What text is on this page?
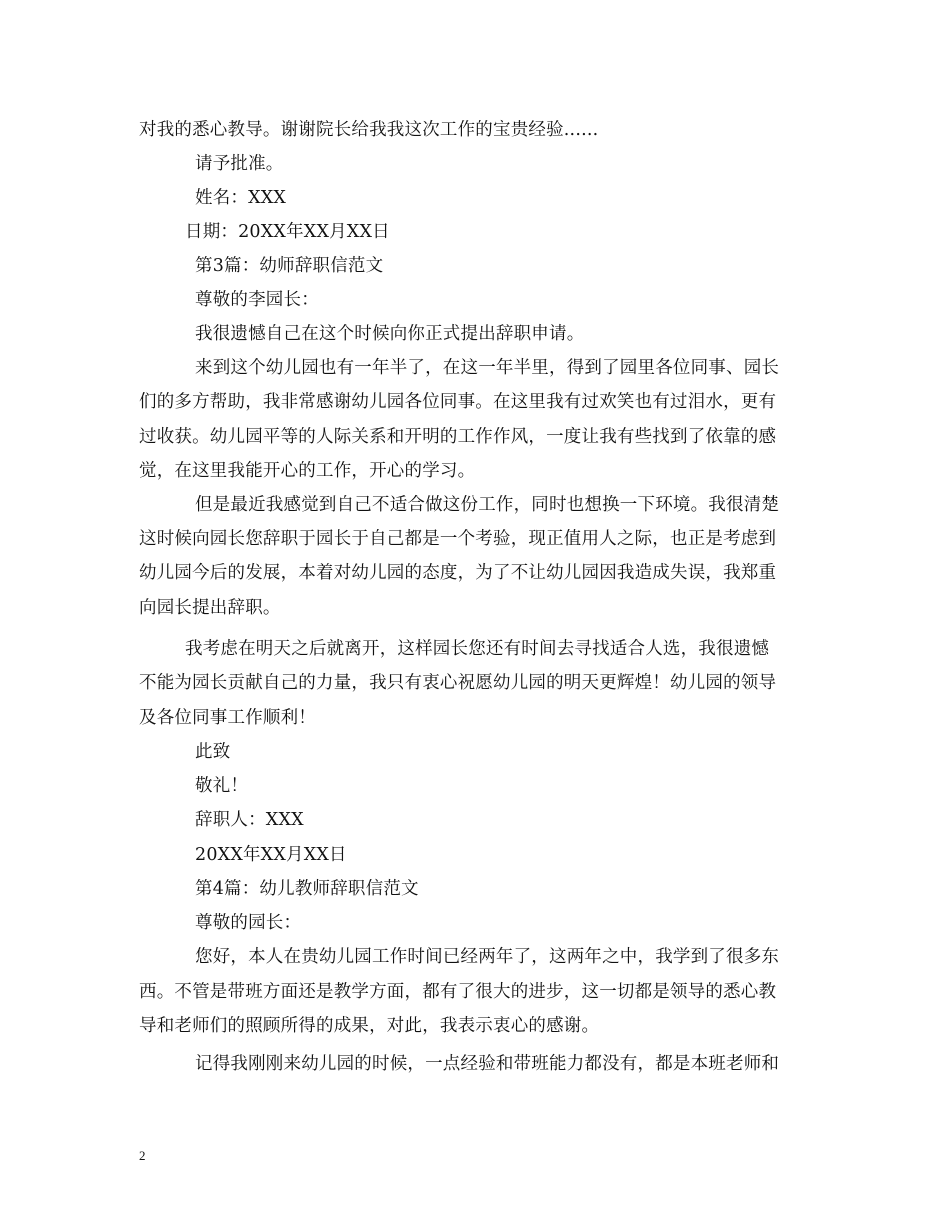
对我的悉心教导。谢谢院长给我我这次工作的宝贵经验......
请予批准。
姓名：XXX
日期：20XX年XX月XX日
第3篇：幼师辞职信范文
尊敬的李园长：
我很遗憾自己在这个时候向你正式提出辞职申请。
来到这个幼儿园也有一年半了，在这一年半里，得到了园里各位同事、园长
们的多方帮助，我非常感谢幼儿园各位同事。在这里我有过欢笑也有过泪水，更有
过收获。幼儿园平等的人际关系和开明的工作作风，一度让我有些找到了依靠的感
觉，在这里我能开心的工作，开心的学习。
但是最近我感觉到自己不适合做这份工作，同时也想换一下环境。我很清楚
这时候向园长您辞职于园长于自己都是一个考验，现正值用人之际，也正是考虑到
幼儿园今后的发展，本着对幼儿园的态度，为了不让幼儿园因我造成失误，我郑重
向园长提出辞职。
我考虑在明天之后就离开，这样园长您还有时间去寻找适合人选，我很遗憾
不能为园长贡献自己的力量，我只有衷心祝愿幼儿园的明天更辉煌！幼儿园的领导
及各位同事工作顺利！
此致
敬礼！
辞职人：XXX
20XX年XX月XX日
第4篇：幼儿教师辞职信范文
尊敬的园长：
您好，本人在贵幼儿园工作时间已经两年了，这两年之中，我学到了很多东
西。不管是带班方面还是教学方面，都有了很大的进步，这一切都是领导的悉心教
导和老师们的照顾所得的成果，对此，我表示衷心的感谢。
记得我刚刚来幼儿园的时候，一点经验和带班能力都没有，都是本班老师和
2
